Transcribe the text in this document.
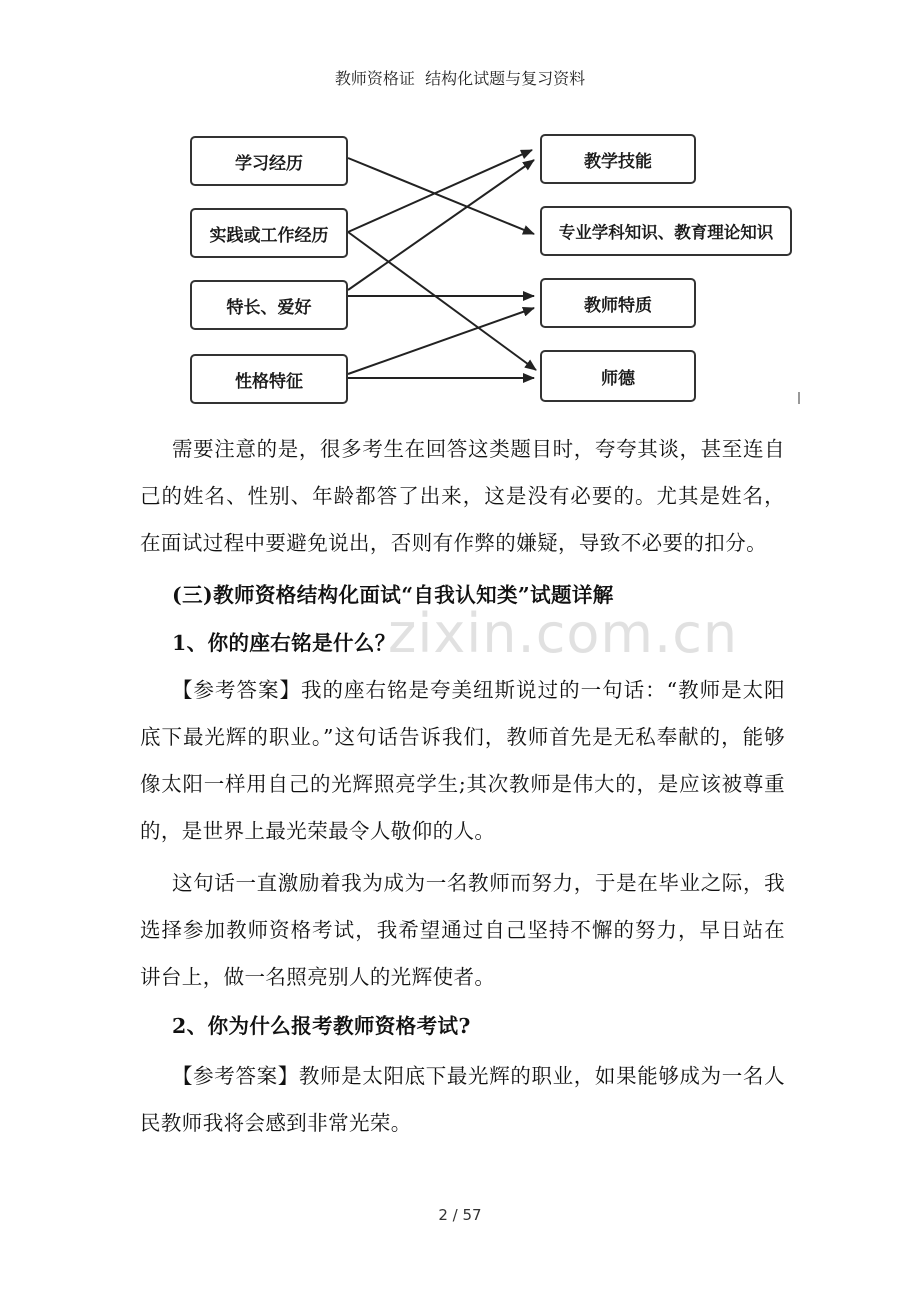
教师资格证  结构化试题与复习资料
学习经历
实践或工作经历
特长、爱好
性格特征
教学技能
专业学科知识、教育理论知识
教师特质
师德
需要注意的是，很多考生在回答这类题目时，夸夸其谈，甚至连自己的姓名、性别、年龄都答了出来，这是没有必要的。尤其是姓名，在面试过程中要避免说出，否则有作弊的嫌疑，导致不必要的扣分。
(三)教师资格结构化面试“自我认知类”试题详解
1、你的座右铭是什么？
【参考答案】我的座右铭是夸美纽斯说过的一句话：“教师是太阳底下最光辉的职业。”这句话告诉我们，教师首先是无私奉献的，能够像太阳一样用自己的光辉照亮学生;其次教师是伟大的，是应该被尊重的，是世界上最光荣最令人敬仰的人。
这句话一直激励着我为成为一名教师而努力，于是在毕业之际，我选择参加教师资格考试，我希望通过自己坚持不懈的努力，早日站在讲台上，做一名照亮别人的光辉使者。
2、你为什么报考教师资格考试?
【参考答案】教师是太阳底下最光辉的职业，如果能够成为一名人民教师我将会感到非常光荣。
zixin.com.cn
2 / 57
